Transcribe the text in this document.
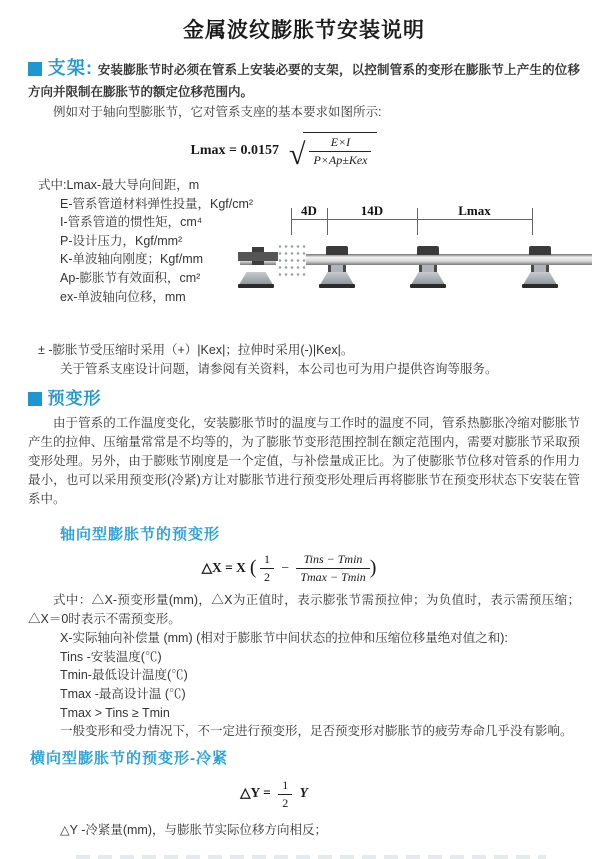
金属波纹膨胀节安装说明

支架: 安装膨胀节时必须在管系上安装必要的支架，以控制管系的变形在膨胀节上产生的位移方向并限制在膨胀节的额定位移范围内。

例如对于轴向型膨胀节，它对管系支座的基本要求如图所示:

Lmax = 0.0157 √ $\frac{E\times I}{\text{P×Ap±Kex}}$
式中:Lmax-最大导向间距，m
E-管系管道材料弹性投量，Kgf/cm²
I-管系管道的惯性矩，cm⁴
P-设计压力，Kgf/mm²
K-单波轴向刚度；Kgf/mm
Ap-膨胀节有效面积，cm²
ex-单波轴向位移，mm
4D	14D	Lmax
± -膨胀节受压缩时采用（+）|Kex|；拉伸时采用(-)|Kex|。
关于管系支座设计问题，请参阅有关资料，本公司也可为用户提供咨询等服务。

预变形

由于管系的工作温度变化，安装膨胀节时的温度与工作时的温度不同，管系热膨胀冷缩对膨胀节产生的拉伸、压缩量常常是不均等的，为了膨胀节变形范围控制在额定范围内，需要对膨胀节采取预变形处理。另外，由于膨账节刚度是一个定值，与补偿量成正比。为了使膨胀节位移对管系的作用力最小，也可以采用预变形(冷紧)方让对膨胀节进行预变形处理后再将膨胀节在预变形状态下安装在管系中。

轴向型膨胀节的预变形
△X = X ( $\frac{1}{2} - \frac{\text{Tins − Tmin}}{Tmax - Tmin}$ )

式中：△X-预变形量(mm)，△X为正值时，表示膨张节需预拉伸；为负值时，表示需预压缩；△X＝0时表示不需预变形。

X-实际轴向补偿量 (mm) (相对于膨胀节中间状态的拉伸和压缩位移量绝对值之和):
Tins -安装温度(℃)
Tmin-最低设计温度(℃)
Tmax -最高设计温 (℃)
Tmax > Tins ≥ Tmin
一般变形和受力情况下，不一定进行预变形，足否预变形对膨胀节的疲劳寿命几乎没有影响。
横向型膨胀节的预变形-冷紧
△Y = $\frac{1}{2}$ Y
△Y -冷紧量(mm)，与膨胀节实际位移方向相反；
